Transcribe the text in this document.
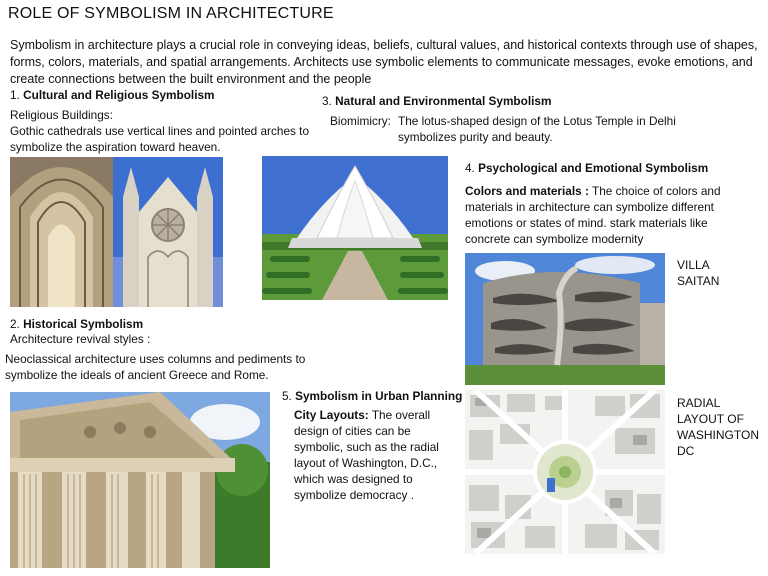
ROLE OF SYMBOLISM IN ARCHITECTURE
Symbolism in architecture plays a crucial role in conveying ideas, beliefs, cultural values, and historical contexts through use of shapes, forms, colors, materials, and spatial arrangements. Architects use symbolic elements to communicate messages, evoke emotions, and create connections between the built environment and the people
1. Cultural and Religious Symbolism
Religious Buildings:
Gothic cathedrals use vertical lines and pointed arches to symbolize the aspiration toward heaven.
3. Natural and Environmental Symbolism
Biomimicry: The lotus-shaped design of the Lotus Temple in Delhi symbolizes purity and beauty.
4. Psychological and Emotional Symbolism
Colors and materials : The choice of colors and materials in architecture can symbolize different emotions or states of mind. stark materials like concrete can symbolize modernity
VILLA SAITAN
2. Historical Symbolism
Architecture revival styles :
Neoclassical architecture uses columns and pediments to symbolize the ideals of ancient Greece and Rome.
5. Symbolism in Urban Planning
City Layouts: The overall design of cities can be symbolic, such as the radial layout of Washington, D.C., which was designed to symbolize democracy .
RADIAL LAYOUT OF WASHINGTON DC
